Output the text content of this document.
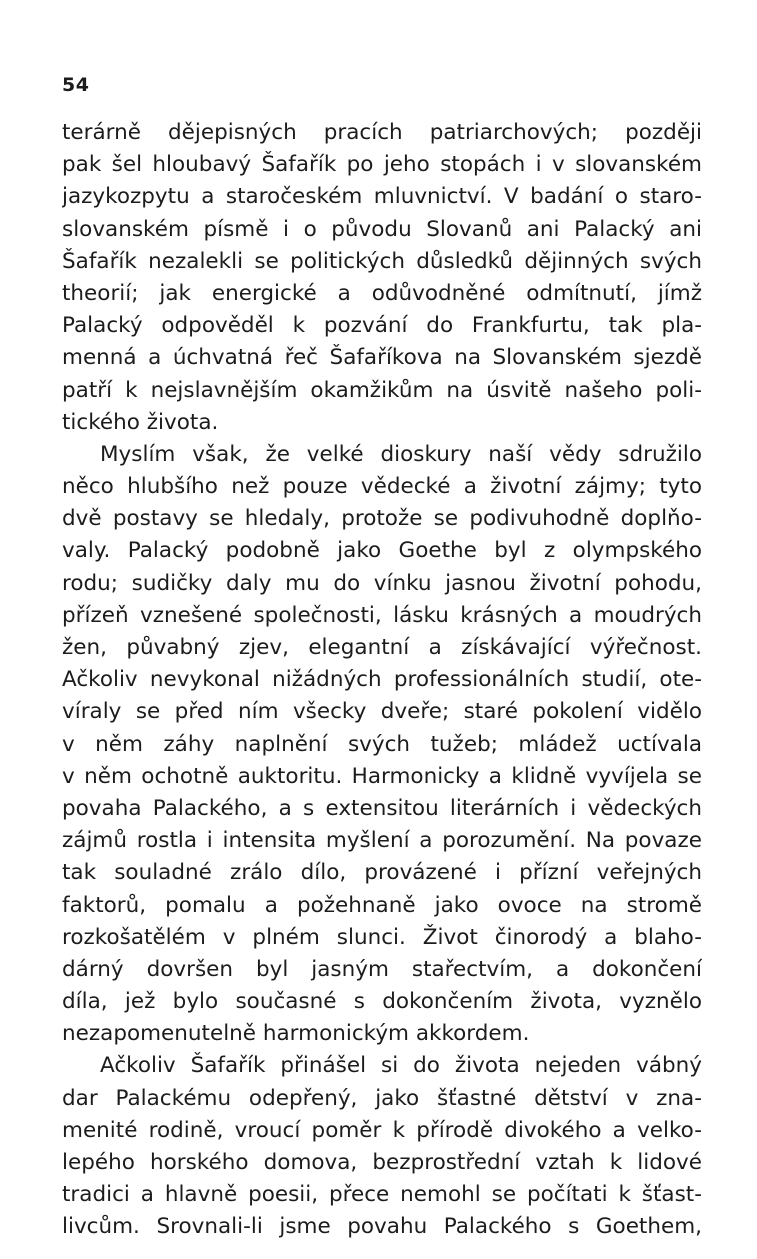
54
terárně dějepisných pracích patriarchových; později
pak šel hloubavý Šafařík po jeho stopách i v slovanském
jazykozpytu a staročeském mluvnictví. V badání o staro-
slovanském písmě i o původu Slovanů ani Palacký ani
Šafařík nezalekli se politických důsledků dějinných svých
theorií; jak energické a odůvodněné odmítnutí, jímž
Palacký odpověděl k pozvání do Frankfurtu, tak pla-
menná a úchvatná řeč Šafaříkova na Slovanském sjezdě
patří k nejslavnějším okamžikům na úsvitě našeho poli-
tického života.
Myslím však, že velké dioskury naší vědy sdružilo
něco hlubšího než pouze vědecké a životní zájmy; tyto
dvě postavy se hledaly, protože se podivuhodně doplňo-
valy. Palacký podobně jako Goethe byl z olympského
rodu; sudičky daly mu do vínku jasnou životní pohodu,
přízeň vznešené společnosti, lásku krásných a moudrých
žen, půvabný zjev, elegantní a získávající výřečnost.
Ačkoliv nevykonal nižádných professionálních studií, ote-
víraly se před ním všecky dveře; staré pokolení vidělo
v něm záhy naplnění svých tužeb; mládež uctívala
v něm ochotně auktoritu. Harmonicky a klidně vyvíjela se
povaha Palackého, a s extensitou literárních i vědeckých
zájmů rostla i intensita myšlení a porozumění. Na povaze
tak souladné zrálo dílo, provázené i přízní veřejných
faktorů, pomalu a požehnaně jako ovoce na stromě
rozkošatělém v plném slunci. Život činorodý a blaho-
dárný dovršen byl jasným stařectvím, a dokončení
díla, jež bylo současné s dokončením života, vyznělo
nezapomenutelně harmonickým akkordem.
Ačkoliv Šafařík přinášel si do života nejeden vábný
dar Palackému odepřený, jako šťastné dětství v zna-
menité rodině, vroucí poměr k přírodě divokého a velko-
lepého horského domova, bezprostřední vztah k lidové
tradici a hlavně poesii, přece nemohl se počítati k šťast-
livcům. Srovnali-li jsme povahu Palackého s Goethem,
